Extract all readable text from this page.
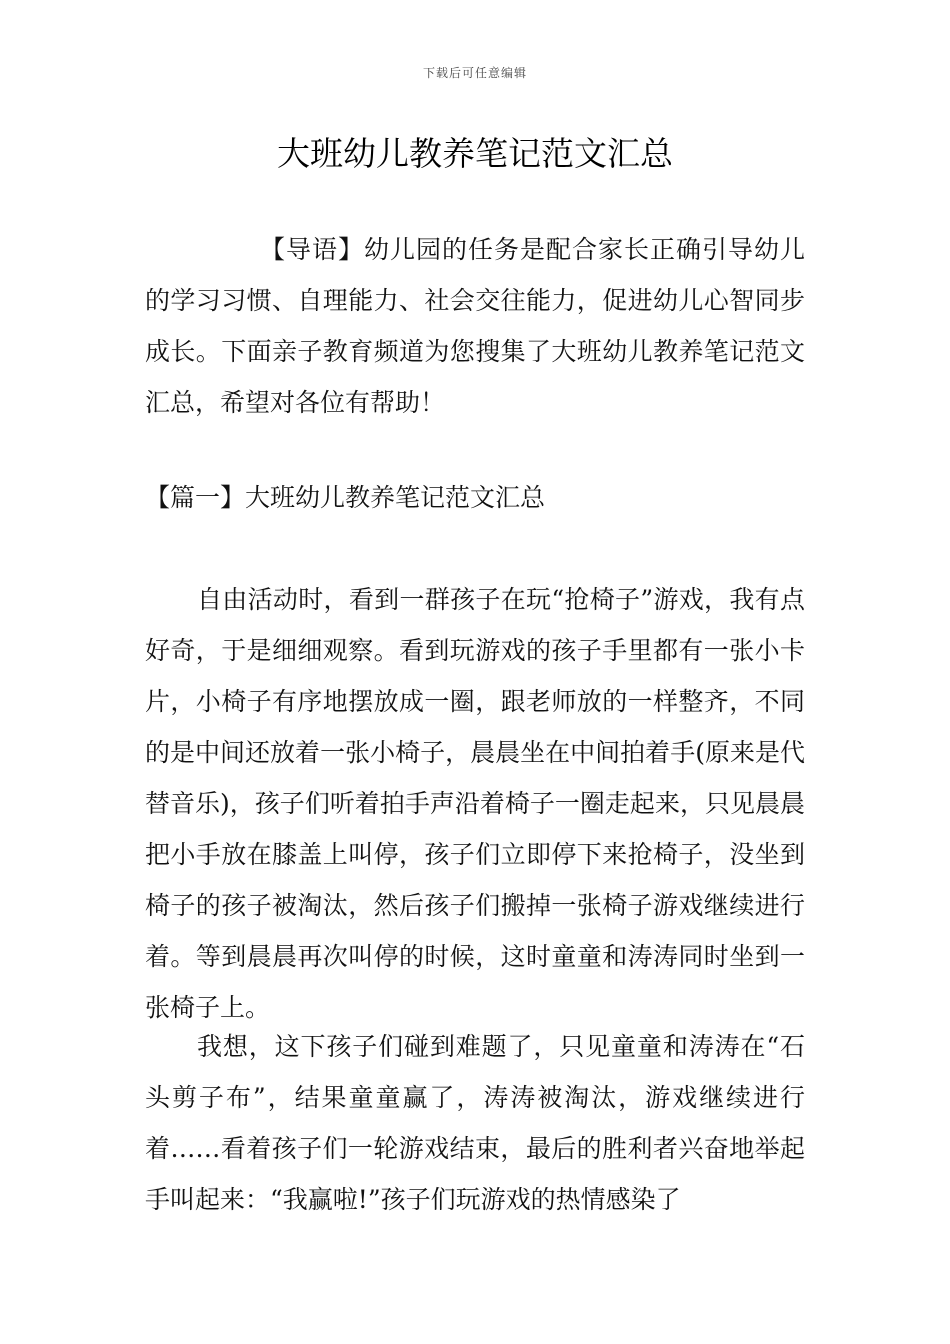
下载后可任意编辑
大班幼儿教养笔记范文汇总

【导语】幼儿园的任务是配合家长正确引导幼儿的学习习惯、自理能力、社会交往能力，促进幼儿心智同步成长。下面亲子教育频道为您搜集了大班幼儿教养笔记范文汇总，希望对各位有帮助！

【篇一】大班幼儿教养笔记范文汇总

自由活动时，看到一群孩子在玩“抢椅子”游戏，我有点好奇，于是细细观察。看到玩游戏的孩子手里都有一张小卡片，小椅子有序地摆放成一圈，跟老师放的一样整齐，不同的是中间还放着一张小椅子，晨晨坐在中间拍着手(原来是代替音乐)，孩子们听着拍手声沿着椅子一圈走起来，只见晨晨把小手放在膝盖上叫停，孩子们立即停下来抢椅子，没坐到椅子的孩子被淘汰，然后孩子们搬掉一张椅子游戏继续进行着。等到晨晨再次叫停的时候，这时童童和涛涛同时坐到一张椅子上。

我想，这下孩子们碰到难题了，只见童童和涛涛在“石头剪子布”，结果童童赢了，涛涛被淘汰，游戏继续进行着……看着孩子们一轮游戏结束，最后的胜利者兴奋地举起手叫起来：“我赢啦!”孩子们玩游戏的热情感染了
